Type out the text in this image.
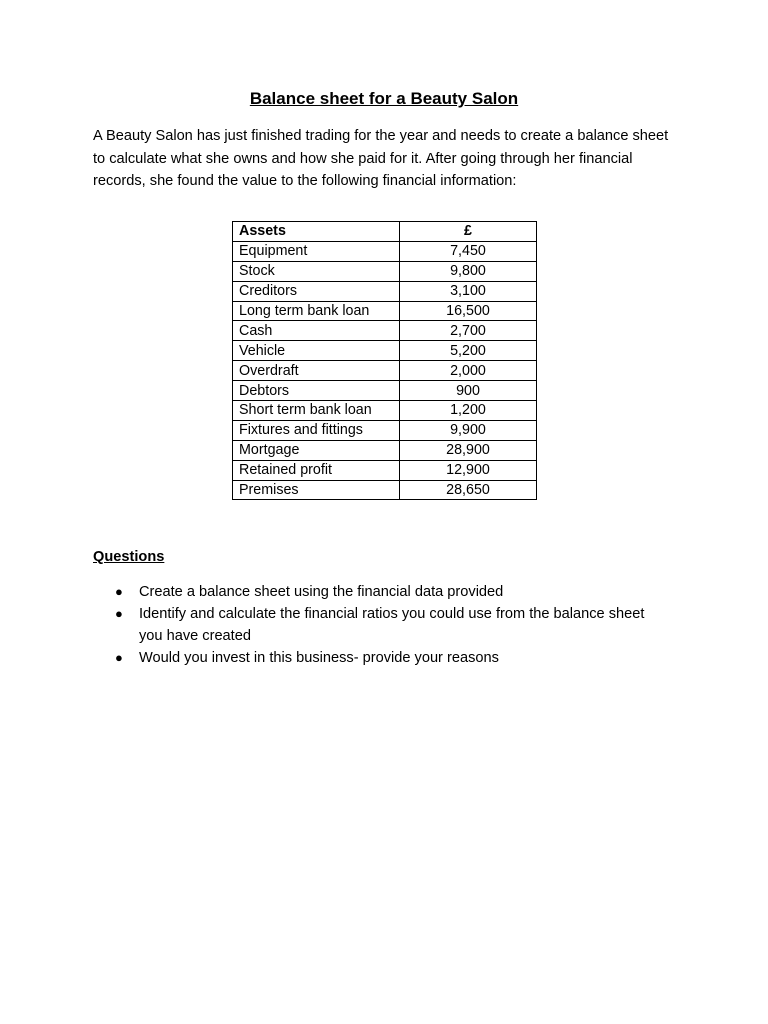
Balance sheet for a Beauty Salon
A Beauty Salon has just finished trading for the year and needs to create a balance sheet to calculate what she owns and how she paid for it. After going through her financial records, she found the value to the following financial information:
Assets	£
Equipment	7,450
Stock	9,800
Creditors	3,100
Long term bank loan	16,500
Cash	2,700
Vehicle	5,200
Overdraft	2,000
Debtors	900
Short term bank loan	1,200
Fixtures and fittings	9,900
Mortgage	28,900
Retained profit	12,900
Premises	28,650
Questions
● Create a balance sheet using the financial data provided
● Identify and calculate the financial ratios you could use from the balance sheet you have created
● Would you invest in this business- provide your reasons
